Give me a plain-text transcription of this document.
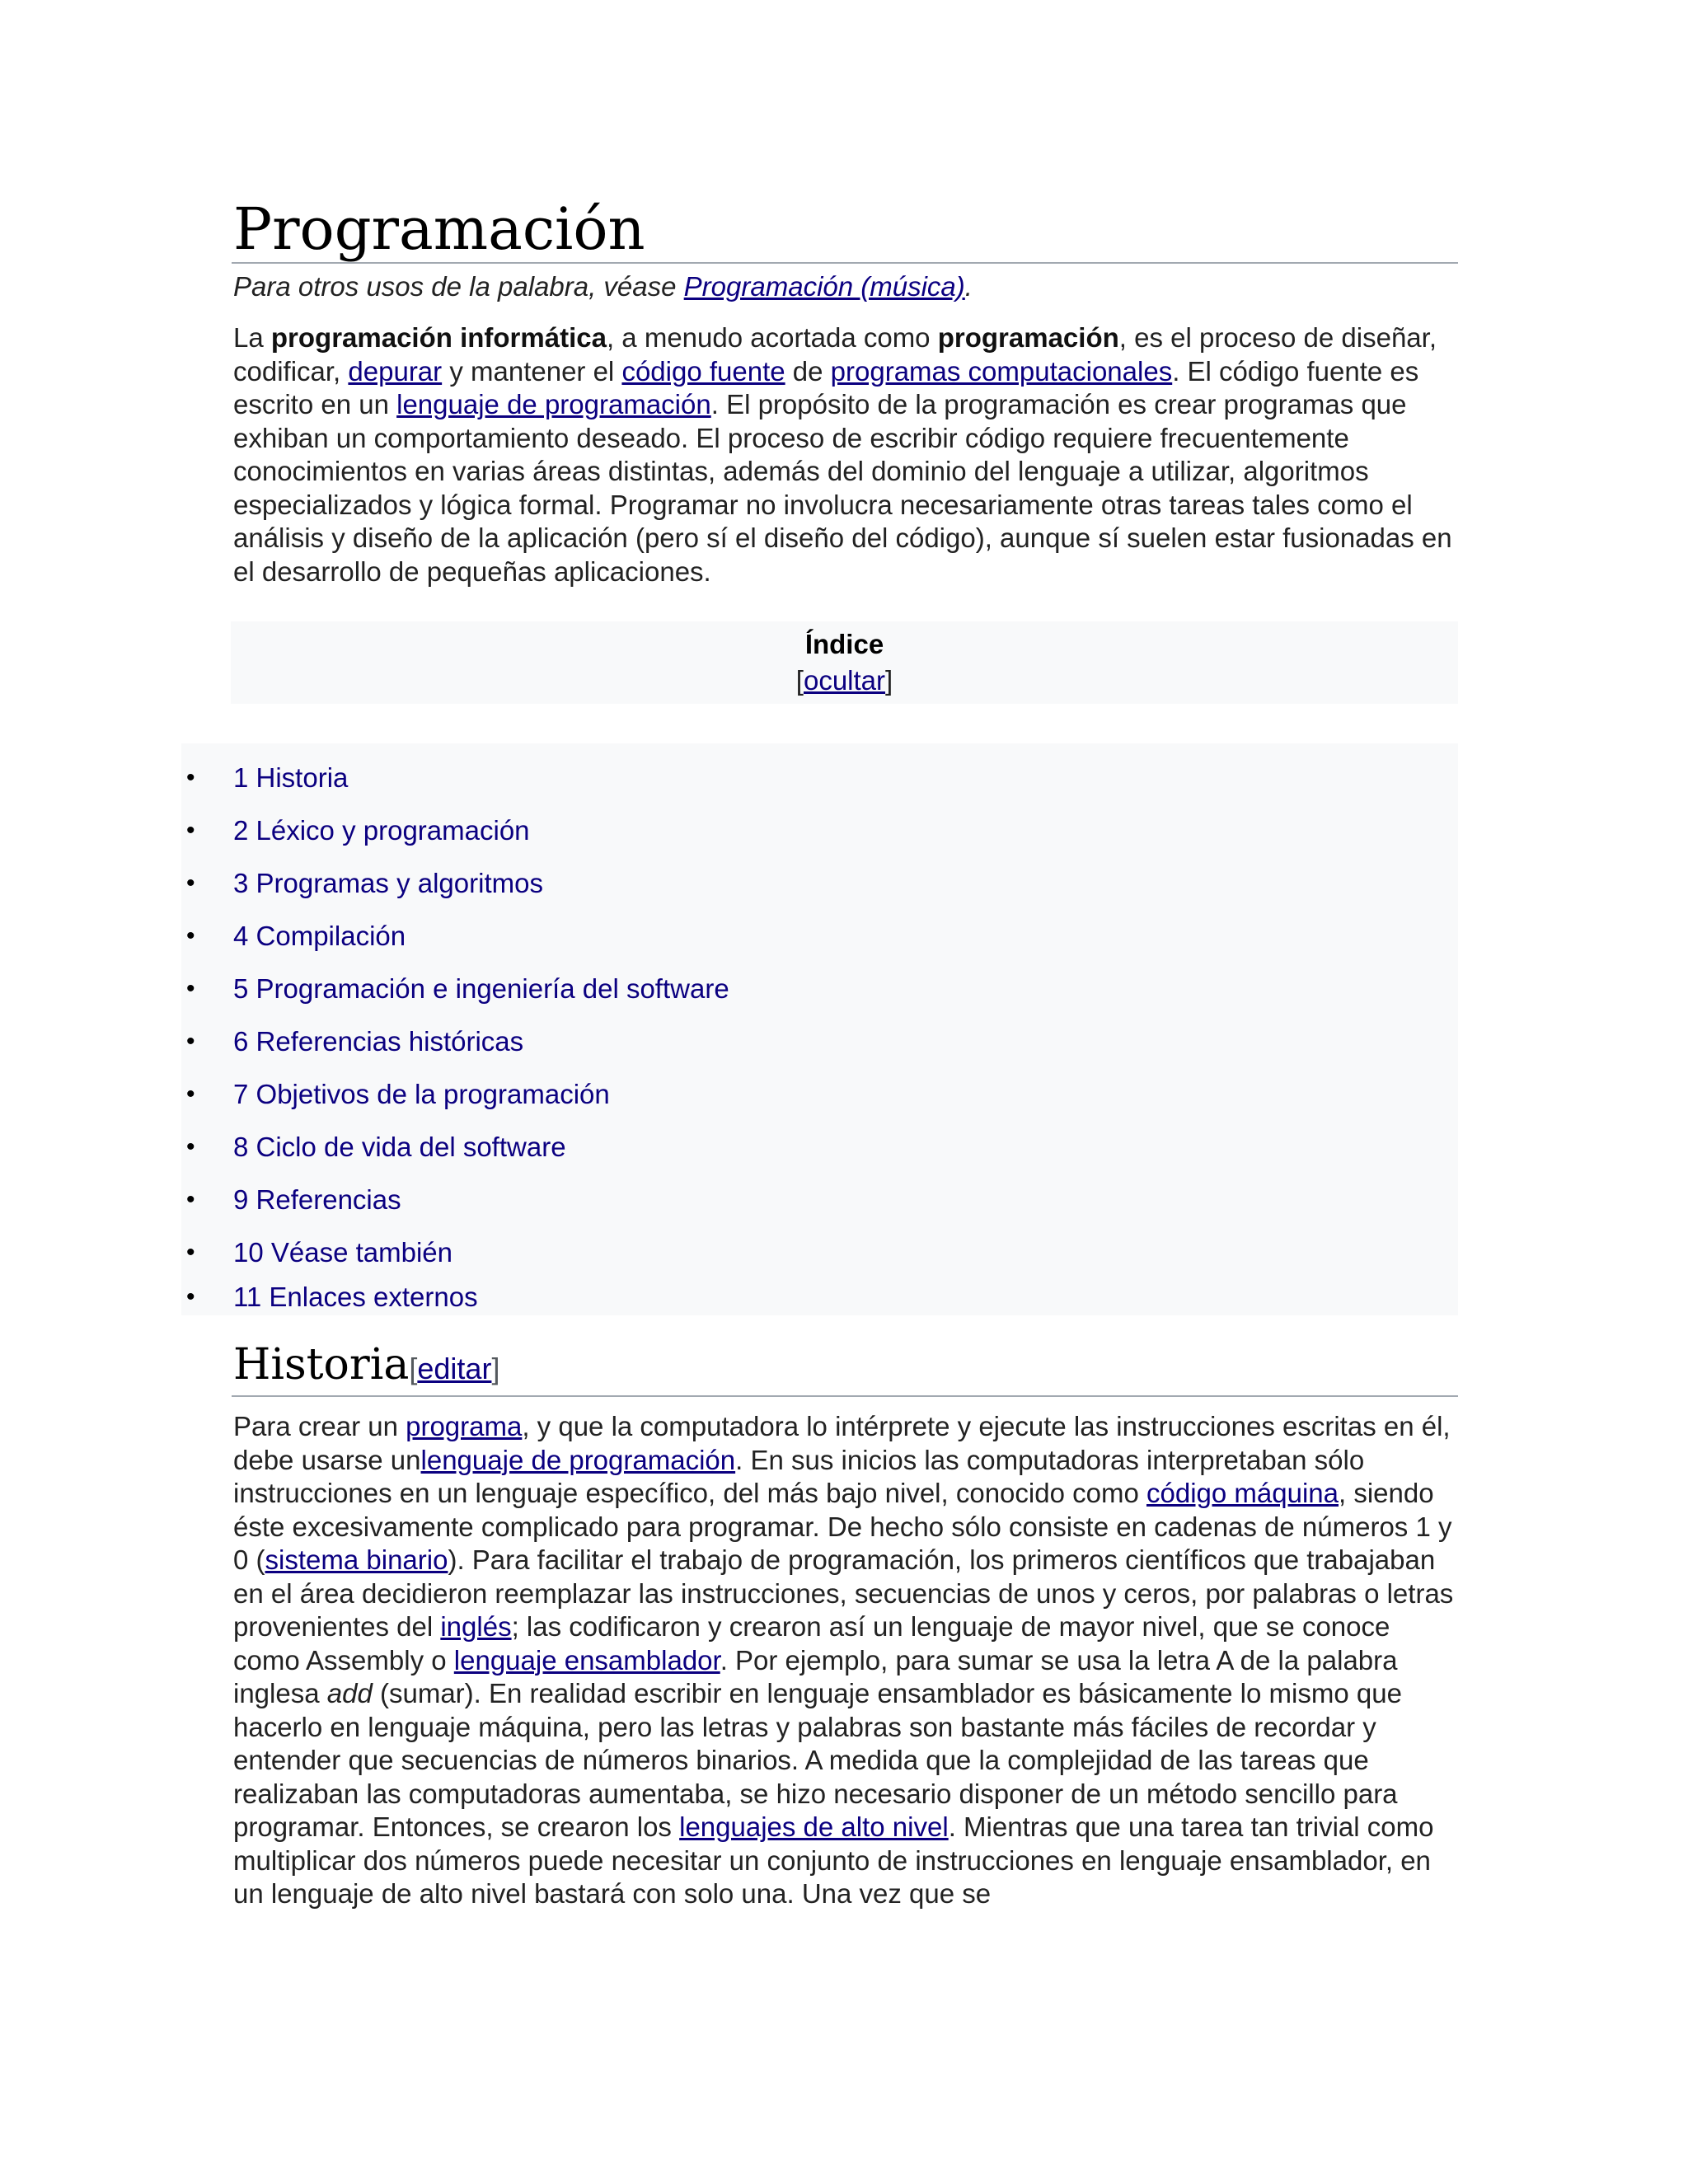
Programación
Para otros usos de la palabra, véase Programación (música).

La programación informática, a menudo acortada como programación, es el proceso de diseñar, codificar, depurar y mantener el código fuente de programas computacionales. El código fuente es escrito en un lenguaje de programación. El propósito de la programación es crear programas que exhiban un comportamiento deseado. El proceso de escribir código requiere frecuentemente conocimientos en varias áreas distintas, además del dominio del lenguaje a utilizar, algoritmos especializados y lógica formal. Programar no involucra necesariamente otras tareas tales como el análisis y diseño de la aplicación (pero sí el diseño del código), aunque sí suelen estar fusionadas en el desarrollo de pequeñas aplicaciones.

Índice
[ocultar]
• 1 Historia
• 2 Léxico y programación
• 3 Programas y algoritmos
• 4 Compilación
• 5 Programación e ingeniería del software
• 6 Referencias históricas
• 7 Objetivos de la programación
• 8 Ciclo de vida del software
• 9 Referencias
• 10 Véase también
• 11 Enlaces externos
Historia[editar]

Para crear un programa, y que la computadora lo intérprete y ejecute las instrucciones escritas en él, debe usarse unlenguaje de programación. En sus inicios las computadoras interpretaban sólo instrucciones en un lenguaje específico, del más bajo nivel, conocido como código máquina, siendo éste excesivamente complicado para programar. De hecho sólo consiste en cadenas de números 1 y 0 (sistema binario). Para facilitar el trabajo de programación, los primeros científicos que trabajaban en el área decidieron reemplazar las instrucciones, secuencias de unos y ceros, por palabras o letras provenientes del inglés; las codificaron y crearon así un lenguaje de mayor nivel, que se conoce como Assembly o lenguaje ensamblador. Por ejemplo, para sumar se usa la letra A de la palabra inglesa add (sumar). En realidad escribir en lenguaje ensamblador es básicamente lo mismo que hacerlo en lenguaje máquina, pero las letras y palabras son bastante más fáciles de recordar y entender que secuencias de números binarios. A medida que la complejidad de las tareas que realizaban las computadoras aumentaba, se hizo necesario disponer de un método sencillo para programar. Entonces, se crearon los lenguajes de alto nivel. Mientras que una tarea tan trivial como multiplicar dos números puede necesitar un conjunto de instrucciones en lenguaje ensamblador, en un lenguaje de alto nivel bastará con solo una. Una vez que se
